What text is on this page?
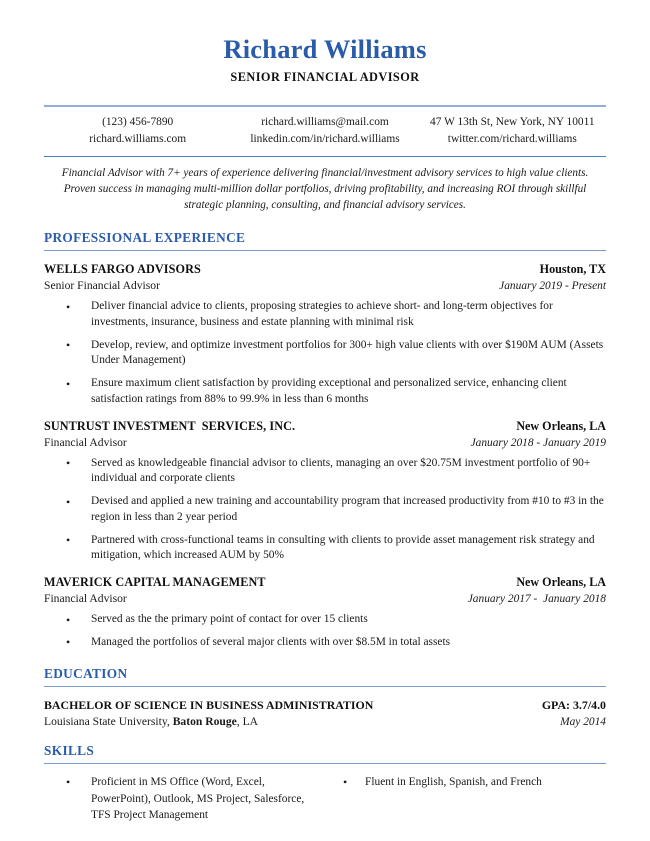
Richard Williams
SENIOR FINANCIAL ADVISOR
(123) 456-7890	richard.williams@mail.com	47 W 13th St, New York, NY 10011
richard.williams.com	linkedin.com/in/richard.williams	twitter.com/richard.williams

Financial Advisor with 7+ years of experience delivering financial/investment advisory services to high value clients. Proven success in managing multi-million dollar portfolios, driving profitability, and increasing ROI through skillful strategic planning, consulting, and financial advisory services.

PROFESSIONAL EXPERIENCE
WELLS FARGO ADVISORS	Houston, TX
Senior Financial Advisor	January 2019 - Present
• Deliver financial advice to clients, proposing strategies to achieve short- and long-term objectives for investments, insurance, business and estate planning with minimal risk
• Develop, review, and optimize investment portfolios for 300+ high value clients with over $190M AUM (Assets Under Management)
• Ensure maximum client satisfaction by providing exceptional and personalized service, enhancing client satisfaction ratings from 88% to 99.9% in less than 6 months
SUNTRUST INVESTMENT  SERVICES, INC.	New Orleans, LA
Financial Advisor	January 2018 - January 2019
• Served as knowledgeable financial advisor to clients, managing an over $20.75M investment portfolio of 90+ individual and corporate clients
• Devised and applied a new training and accountability program that increased productivity from #10 to #3 in the region in less than 2 year period
• Partnered with cross-functional teams in consulting with clients to provide asset management risk strategy and mitigation, which increased AUM by 50%
MAVERICK CAPITAL MANAGEMENT	New Orleans, LA
Financial Advisor	January 2017 -  January 2018
• Served as the the primary point of contact for over 15 clients
• Managed the portfolios of several major clients with over $8.5M in total assets
EDUCATION
BACHELOR OF SCIENCE IN BUSINESS ADMINISTRATION	GPA: 3.7/4.0
Louisiana State University, Baton Rouge, LA	May 2014
SKILLS
• Proficient in MS Office (Word, Excel, PowerPoint), Outlook, MS Project, Salesforce, TFS Project Management
• Fluent in English, Spanish, and French
